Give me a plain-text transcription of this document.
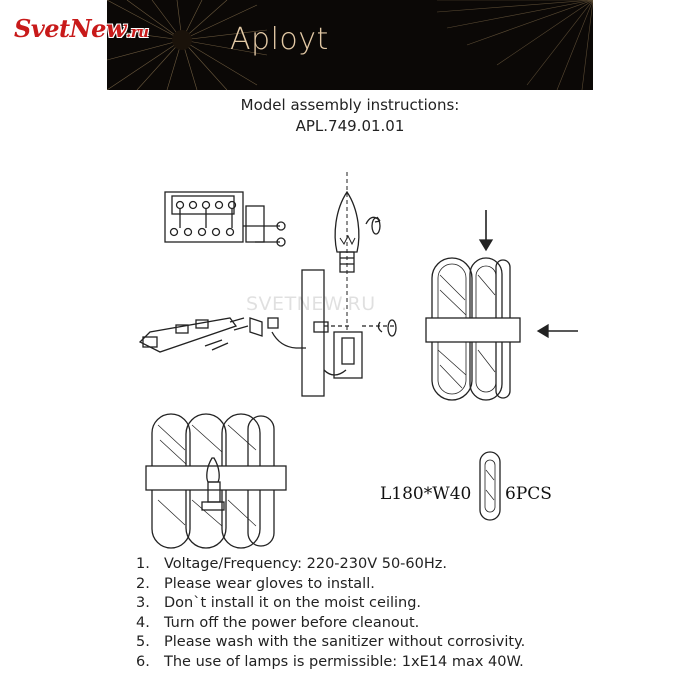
Aployt
SvetNew.ru
Model assembly instructions:
APL.749.01.01
SVETNEW.RU
L180*W40 6PCS
1. Voltage/Frequency: 220-230V 50-60Hz.
2. Please wear gloves to install.
3. Don`t install it on the moist ceiling.
4. Turn off the power before cleanout.
5. Please wash with the sanitizer without corrosivity.
6. The use of lamps is permissible: 1xE14 max 40W.
